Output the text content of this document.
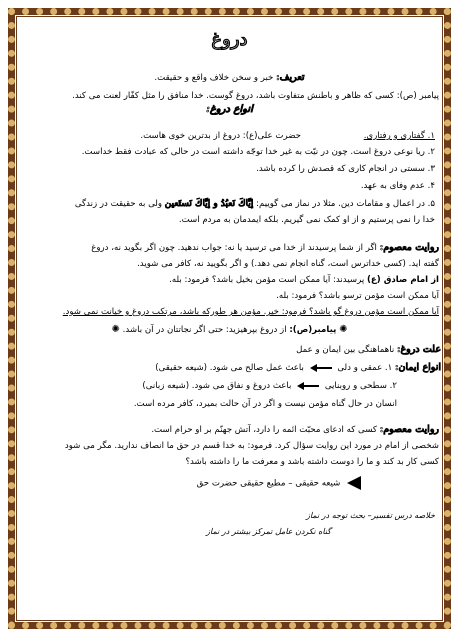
دروغ
تعریف: خبر و سخن خلاف واقع و حقیقت.
پیامبر (ص): کسی که ظاهر و باطنش متفاوت باشد، دروغ گوست. خدا منافق را مثل کفّار لعنت می کند.
انواع دروغ:
۱. گفتاری و رفتاری.
حضرت علی(ع): دروغ از بدترین خوی هاست.
۲. ریا نوعی دروغ است. چون در نیّت به غیر خدا توجّه داشته است در حالی که عبادت فقط خداست.
۳. سستی در انجام کاری که قصدش را کرده باشد.
۴. عدم وفای به عهد.
۵. در اعمال و مقامات دین. مثلا در نماز می گوییم: إيَّاكَ نَعبُدُ و إيَّاكَ نَستَعين ولی به حقیقت در زندگی
خدا را نمی پرستیم و از او کمک نمی گیریم. بلکه ایمدمان به مردم است.
روایت معصوم: اگر از شما پرسیدند از خدا می ترسید یا نه: جواب ندهید. چون اگر بگوید نه، دروغ
گفته اید. (کسی خداترس است، گناه انجام نمی دهد.) و اگر بگویید نه، کافر می شوید.
از امام صادق (ع) پرسیدند: آیا ممکن است مؤمن بخیل باشد؟ فرمود: بله.
آیا ممکن است مؤمن ترسو باشد؟ فرمود: بله.
آیا ممکن است مؤمن دروغ گو باشد؟ فرمود: خیر. مؤمن هر طورکه باشد، مرتکب دروغ و خیانت نمی شود.
✺ پیامبر(ص): از دروغ بپرهیزید: حتی اگر نجاتتان در آن باشد. ✺
علت دروغ: ناهماهنگی بین ایمان و عمل
انواع ایمان: ۱. عمقی و دلی  باعث عمل صالح می شود. (شیعه حقیقی)
۲. سطحی و روبنایی  باعث دروغ و نفاق می شود. (شیعه زبانی)
انسان در حال گناه مؤمن نیست و اگر در آن حالت بمیرد، کافر مرده است.
روایت معصوم: کسی که ادعای محبّت ائمه را دارد، آتش جهنّم بر او حرام است.
شخصی از امام در مورد این روایت سؤال کرد. فرمود: به خدا قسم در حق ما انصاف ندارید. مگر می شود
کسی کار بد کند و ما را دوست داشته باشد و معرفت ما را داشته باشد؟
شیعه حقیقی – مطیع حقیقی حضرت حق
خلاصه درس تفسیر– بحث توجه در نماز
گناه نکردن عامل تمرکز بیشتر در نماز
